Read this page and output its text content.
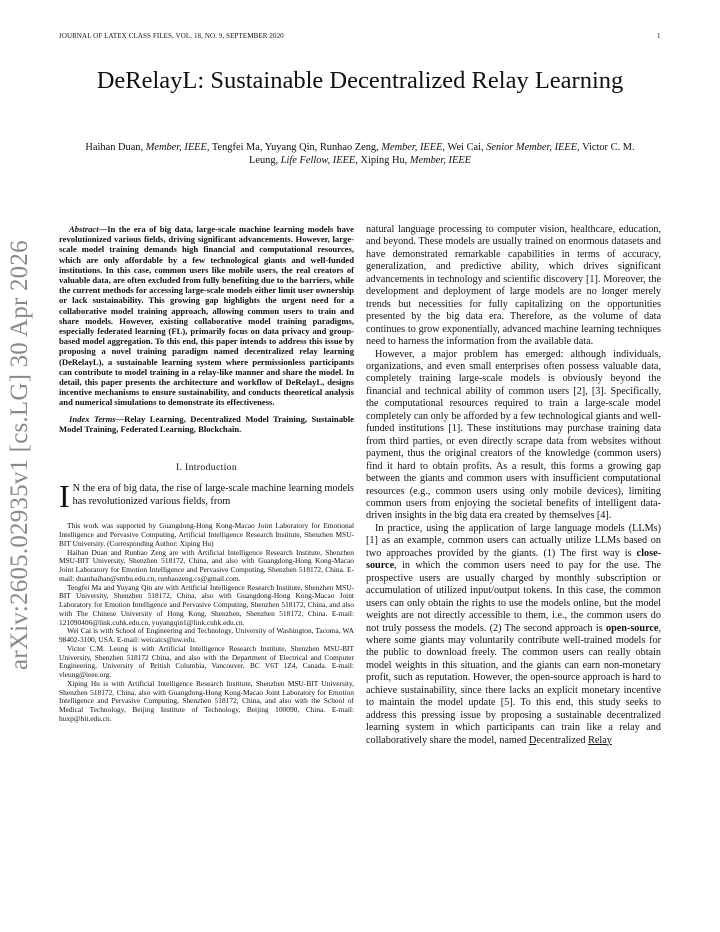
JOURNAL OF LATEX CLASS FILES, VOL. 18, NO. 9, SEPTEMBER 2020	1
arXiv:2605.02935v1 [cs.LG] 30 Apr 2026
DeRelayL: Sustainable Decentralized Relay Learning
Haihan Duan, Member, IEEE, Tengfei Ma, Yuyang Qin, Runhao Zeng, Member, IEEE, Wei Cai, Senior Member, IEEE, Victor C. M. Leung, Life Fellow, IEEE, Xiping Hu, Member, IEEE

Abstract—In the era of big data, large-scale machine learning models have revolutionized various fields, driving significant advancements. However, large-scale model training demands high financial and computational resources, which are only affordable by a few technological giants and well-funded institutions. In this case, common users like mobile users, the real creators of valuable data, are often excluded from fully benefiting due to the barriers, while the current methods for accessing large-scale models either limit user ownership or lack sustainability. This growing gap highlights the urgent need for a collaborative model training approach, allowing common users to train and share models. However, existing collaborative model training paradigms, especially federated learning (FL), primarily focus on data privacy and group-based model aggregation. To this end, this paper intends to address this issue by proposing a novel training paradigm named decentralized relay learning (DeRelayL), a sustainable learning system where permissionless participants can contribute to model training in a relay-like manner and share the model. In detail, this paper presents the architecture and workflow of DeRelayL, designs incentive mechanisms to ensure sustainability, and conducts theoretical analysis and numerical simulations to demonstrate its effectiveness.

Index Terms—Relay Learning, Decentralized Model Training, Sustainable Model Training, Federated Learning, Blockchain.

I. Introduction

I N the era of big data, the rise of large-scale machine learning models has revolutionized various fields, from

This work was supported by Guangdong-Hong Kong-Macao Joint Laboratory for Emotional Intelligence and Pervasive Computing, Artificial Intelligence Research Institute, Shenzhen MSU-BIT University. (Corresponding Author: Xiping Hu)

Haihan Duan and Runhao Zeng are with Artificial Intelligence Research Institute, Shenzhen MSU-BIT University, Shenzhen 518172, China, and also with Guangdong-Hong Kong-Macao Joint Laboratory for Emotion Intelligence and Pervasive Computing, Shenzhen 518172, China. E-mail: duanhaihan@smbu.edu.cn, runhaozeng.cs@gmail.com.

Tengfei Ma and Yuyang Qin are with Artificial Intelligence Research Institute, Shenzhen MSU-BIT University, Shenzhen 518172, China, also with Guangdong-Hong Kong-Macao Joint Laboratory for Emotion Intelligence and Pervasive Computing, Shenzhen 518172, China, and also with The Chinese University of Hong Kong, Shenzhen, Shenzhen 518172, China. E-mail: 121090406@link.cuhk.edu.cn, yuyangqin1@link.cuhk.edu.cn.

Wei Cai is with School of Engineering and Technology, University of Washington, Tacoma, WA 98402-3100, USA. E-mail: weicaics@uw.edu.

Victor C.M. Leung is with Artificial Intelligence Research Institute, Shenzhen MSU-BIT University, Shenzhen 518172 China, and also with the Department of Electrical and Computer Engineering, University of British Columbia, Vancouver, BC V6T 1Z4, Canada. E-mail: vleung@ieee.org.

Xiping Hu is with Artificial Intelligence Research Institute, Shenzhen MSU-BIT University, Shenzhen 518172, China, also with Guangdong-Hong Kong-Macao Joint Laboratory for Emotion Intelligence and Pervasive Computing, Shenzhen 518172, China, and also with the School of Medical Technology, Beijing Institute of Technology, Beijing 100090, China. E-mail: huxp@bit.edu.cn.

natural language processing to computer vision, healthcare, education, and beyond. These models are usually trained on enormous datasets and have demonstrated remarkable capabilities in terms of accuracy, generalization, and predictive ability, which drives significant advancements in technology and scientific discovery [1]. Moreover, the development and deployment of large models are no longer merely trends but necessities for fully capitalizing on the opportunities presented by the big data era. Therefore, as the volume of data continues to grow exponentially, advanced machine learning techniques need to harness the information from the available data.

However, a major problem has emerged: although individuals, organizations, and even small enterprises often possess valuable data, completely training large-scale models is obviously beyond the financial and technical ability of common users [2], [3]. Specifically, the computational resources required to train a large-scale model completely can only be afforded by a few technological giants and well-funded institutions [1]. These institutions may purchase training data from third parties, or even directly scrape data from websites without payment, thus the original creators of the knowledge (common users) find it hard to obtain profits. As a result, this forms a growing gap between the giants and common users with insufficient computational resources (e.g., common users using only mobile devices), limiting common users from enjoying the societal benefits of intelligent data-driven insights in the big data era created by themselves [4].

In practice, using the application of large language models (LLMs) [1] as an example, common users can actually utilize LLMs based on two approaches provided by the giants. (1) The first way is close-source, in which the common users need to pay for the use. The prospective users are usually charged by monthly subscription or accumulation of utilized input/output tokens. In this case, the common users can only obtain the rights to use the models online, but the model weights are not directly accessible to them, i.e., the common users do not truly possess the models. (2) The second approach is open-source, where some giants may voluntarily contribute well-trained models for the public to download freely. The common users can really obtain model weights in this situation, and the giants can earn non-monetary profit, such as reputation. However, the open-source approach is hard to achieve sustainability, since there lacks an explicit monetary incentive to maintain the model update [5]. To this end, this study seeks to address this pressing issue by proposing a sustainable decentralized learning system in which participants can train like a relay and collaboratively share the model, named Decentralized Relay
